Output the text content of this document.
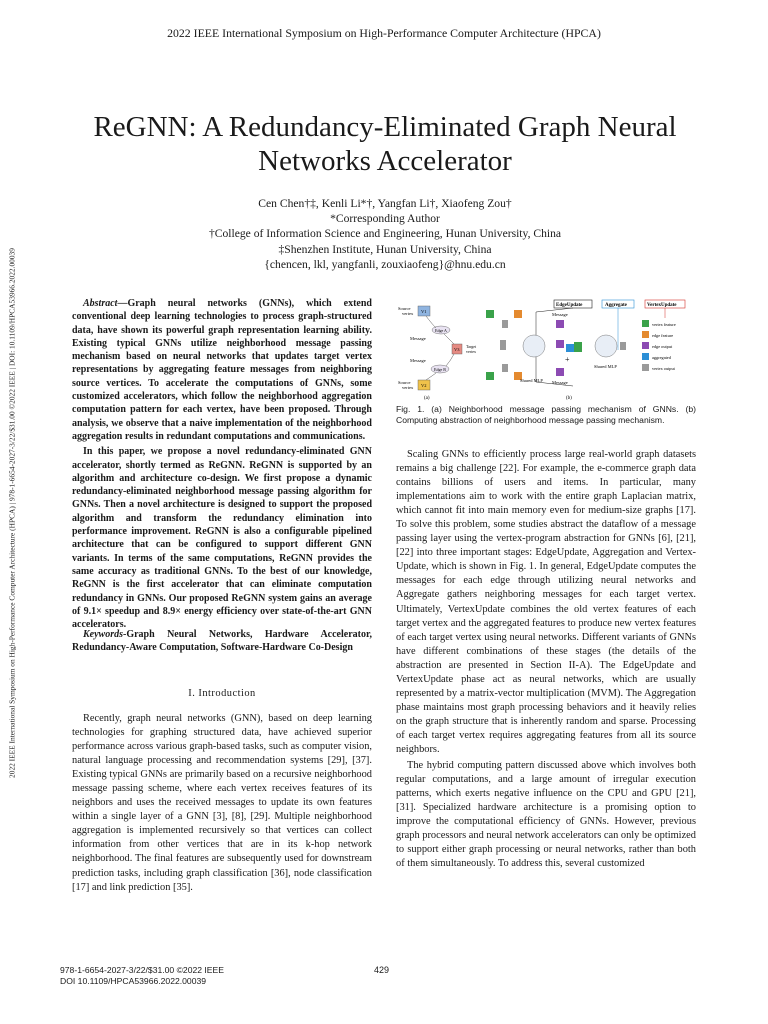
2022 IEEE International Symposium on High-Performance Computer Architecture (HPCA)
2022 IEEE International Symposium on High-Performance Computer Architecture (HPCA) | 978-1-6654-2027-3/22/$31.00 ©2022 IEEE | DOI: 10.1109/HPCA53966.2022.00039
ReGNN: A Redundancy-Eliminated Graph Neural
Networks Accelerator
Cen Chen†‡, Kenli Li*†, Yangfan Li†, Xiaofeng Zou†
*Corresponding Author
†College of Information Science and Engineering, Hunan University, China
‡Shenzhen Institute, Hunan University, China
{chencen, lkl, yangfanli, zouxiaofeng}@hnu.edu.cn

Abstract—Graph neural networks (GNNs), which extend conventional deep learning technologies to process graph-structured data, have shown its powerful graph representation learning ability. Existing typical GNNs utilize neighborhood message passing mechanism based on neural networks that updates target vertex representations by aggregating feature messages from neighboring source vertices. To accelerate the computations of GNNs, some customized accelerators, which follow the neighborhood aggregation computation pattern for each vertex, have been proposed. Through analysis, we observe that a naive implementation of the neighborhood aggregation results in redundant computations and communications.

In this paper, we propose a novel redundancy-eliminated GNN accelerator, shortly termed as ReGNN. ReGNN is supported by an algorithm and architecture co-design. We first propose a dynamic redundancy-eliminated neighborhood message passing algorithm for GNNs. Then a novel architecture is designed to support the proposed algorithm and transform the redundancy elimination into performance improvement. ReGNN is also a configurable pipelined architecture that can be configured to support different GNN variants. In terms of the same computations, ReGNN provides the same accuracy as traditional GNNs. To the best of our knowledge, ReGNN is the first accelerator that can eliminate computation redundancy in GNNs. Our proposed ReGNN system gains an average of 9.1× speedup and 8.9× energy efficiency over state-of-the-art GNN accelerators.

Keywords-Graph Neural Networks, Hardware Accelerator, Redundancy-Aware Computation, Software-Hardware Co-Design
I. Introduction

Recently, graph neural networks (GNN), based on deep learning technologies for graphing structured data, have achieved superior performance across various graph-based tasks, such as computer vision, natural language processing and recommendation systems [29], [37]. Existing typical GNNs are primarily based on a recursive neighborhood message passing scheme, where each vertex receives features of its neighbors and uses the received messages to update its own features within a single layer of a GNN [3], [8], [29]. Multiple neighborhood aggregation is implemented recursively so that vertices can collect information from other vertices that are in its k-hop network neighborhood. The final features are subsequently used for downstream prediction tasks, including graph classification [36], node classification [17] and link prediction [35].

Source
vertex V1
Edge A
Message
V3
Target
vertex
Message
Edge B
Source
vertex V2
(a)
EdgeUpdate	Aggregate	VertexUpdate
Shared MLP
Message
Message
+
Shared MLP
(b)
vertex feature
edge feature
edge output
aggregated
vertex output
Fig. 1. (a) Neighborhood message passing mechanism of GNNs. (b) Computing abstraction of neighborhood message passing mechanism.

Scaling GNNs to efficiently process large real-world graph datasets remains a big challenge [22]. For example, the e-commerce graph data contains billions of users and items. In particular, many implementations aim to work with the entire graph Laplacian matrix, which cannot fit into main memory even for medium-size graphs [17]. To solve this problem, some studies abstract the dataflow of a message passing layer using the vertex-program abstraction for GNNs [6], [21], [22] into three important stages: EdgeUpdate, Aggregation and Vertex-Update, which is shown in Fig. 1. In general, EdgeUpdate computes the messages for each edge through utilizing neural networks and Aggregate gathers neighboring messages for each target vertex. Ultimately, VertexUpdate combines the old vertex features of each target vertex and the aggregated features to produce new vertex features of each target vertex using neural networks. Different variants of GNNs have different combinations of these stages (the details of the abstraction are presented in Section II-A). The EdgeUpdate and VertexUpdate phase act as neural networks, which are usually represented by a matrix-vector multiplication (MVM). The Aggregation phase maintains most graph processing behaviors and it heavily relies on the graph structure that is inherently random and sparse. Processing of each target vertex requires aggregating features from all its source neighbors.

The hybrid computing pattern discussed above which involves both regular computations, and a large amount of irregular execution patterns, which exerts negative influence on the CPU and GPU [21], [31]. Specialized hardware architecture is a promising option to improve the computational efficiency of GNNs. However, previous graph processors and neural network accelerators can only be optimized to support either graph processing or neural networks, rather than both of them simultaneously. To address this, several customized

978-1-6654-2027-3/22/$31.00 ©2022 IEEE
DOI 10.1109/HPCA53966.2022.00039
429
